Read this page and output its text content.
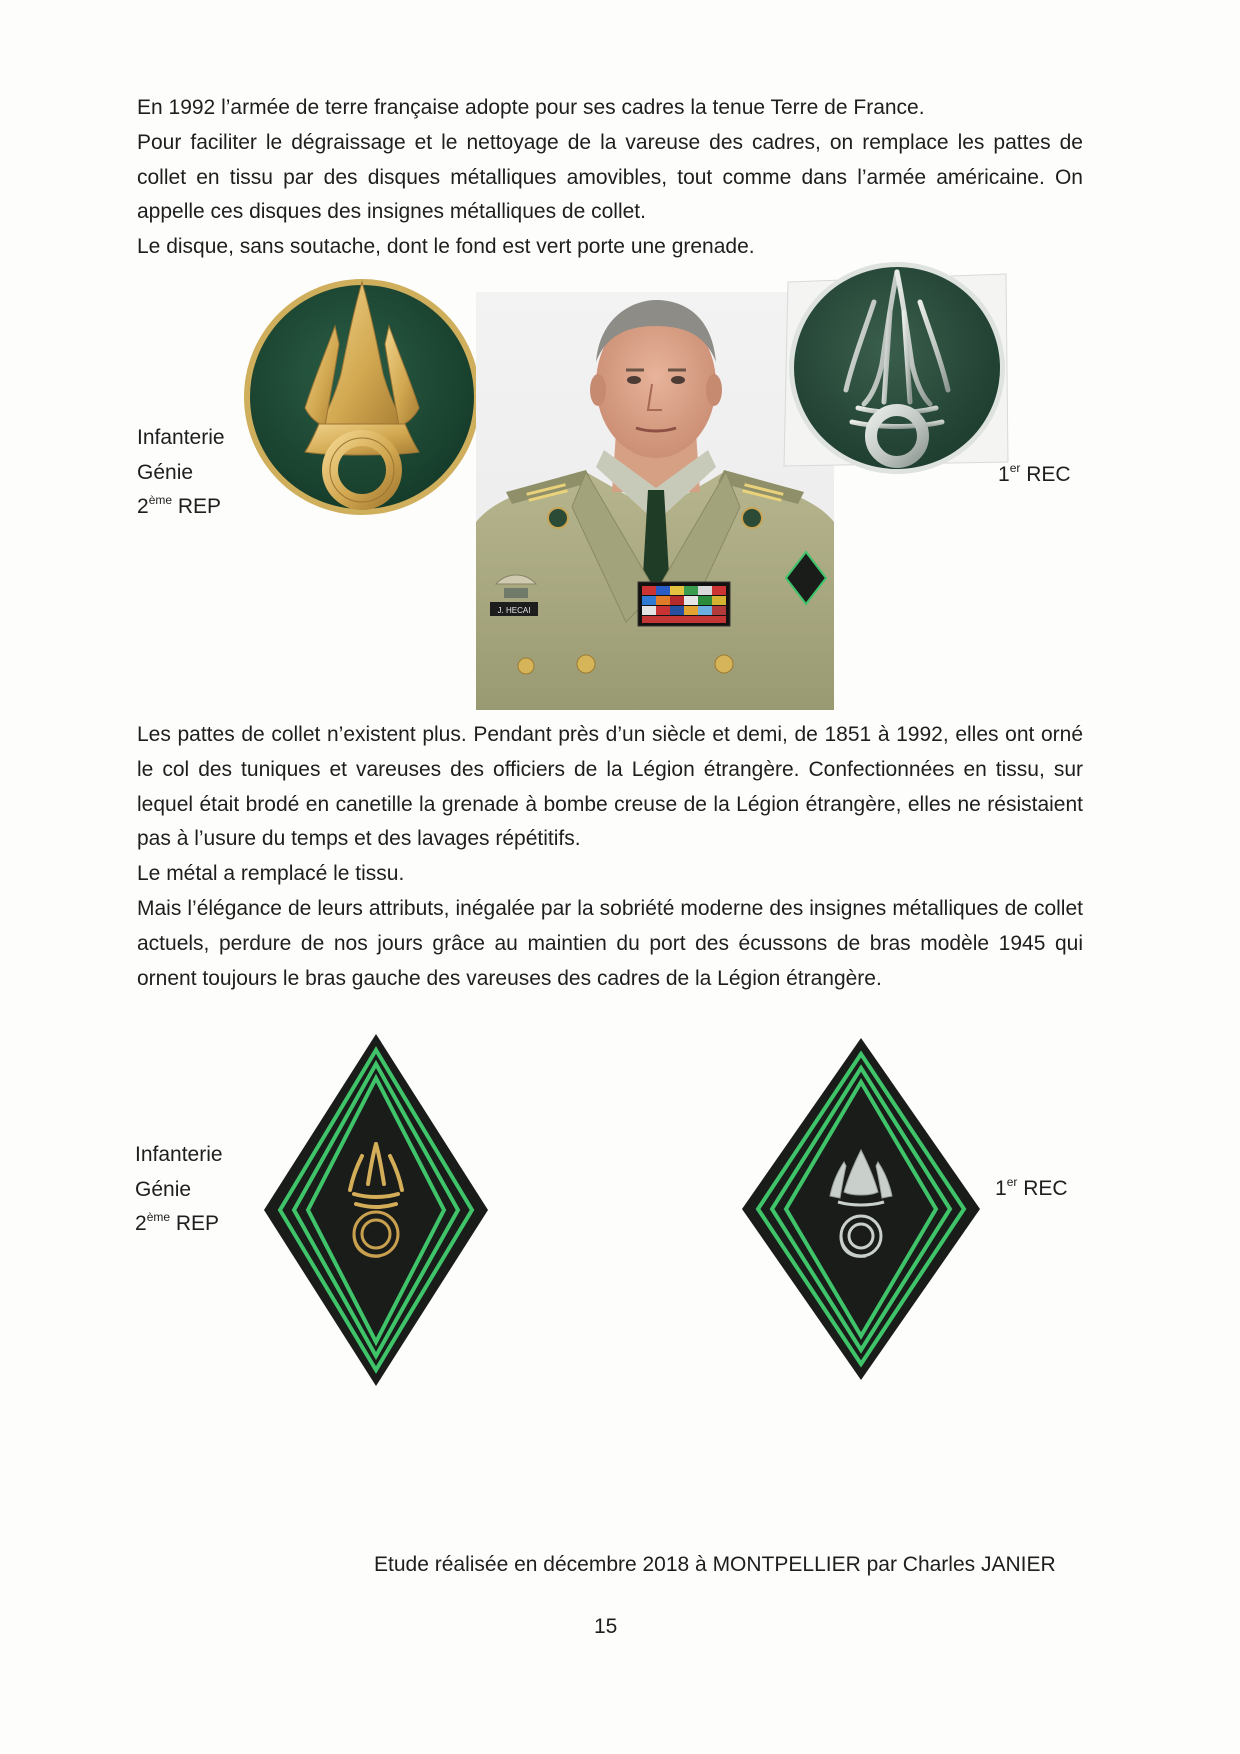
En 1992 l’armée de terre française adopte pour ses cadres la tenue Terre de France.

Pour faciliter le dégraissage et le nettoyage de la vareuse des cadres, on remplace les pattes de collet en tissu par des disques métalliques amovibles, tout comme dans l’armée américaine. On appelle ces disques des insignes métalliques de collet.

Le disque, sans soutache, dont le fond est vert porte une grenade.

Infanterie
Génie
2ème REP
J. HECAI
1er REC

Les pattes de collet n’existent plus. Pendant près d’un siècle et demi, de 1851 à 1992, elles ont orné le col des tuniques et vareuses des officiers de la Légion étrangère. Confectionnées en tissu, sur lequel était brodé en canetille la grenade à bombe creuse de la Légion étrangère, elles ne résistaient pas à l’usure du temps et des lavages répétitifs.

Le métal a remplacé le tissu.

Mais l’élégance de leurs attributs, inégalée par la sobriété moderne des insignes métalliques de collet actuels, perdure de nos jours grâce au maintien du port des écussons de bras modèle 1945 qui ornent toujours le bras gauche des vareuses des cadres de la Légion étrangère.

Infanterie
Génie
2ème REP
1er REC
Etude réalisée en décembre 2018 à MONTPELLIER par Charles JANIER
15
